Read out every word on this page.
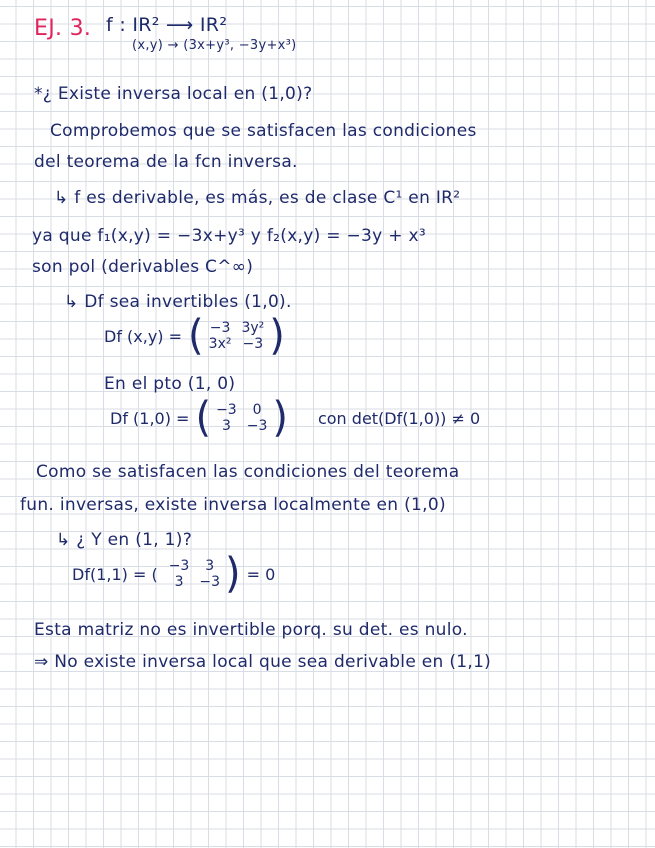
EJ. 3. f : IR² ⟶ IR²
(x,y) → (3x+y³, −3y+x³)
*¿ Existe inversa local en (1,0)?
Comprobemos que se satisfacen las condiciones
del teorema de la fcn inversa.
↳ f es derivable, es más, es de clase C¹ en IR²
ya que f₁(x,y) = −3x+y³ y f₂(x,y) = −3y + x³
son pol (derivables C^∞)
↳ Df sea invertibles (1,0).
Df (x,y) = ( −3	3y²
3x²	−3 )
En el pto (1, 0)
Df (1,0) = ( −3	0
3	−3 ) con det(Df(1,0)) ≠ 0
Como se satisfacen las condiciones del teorema
fun. inversas, existe inversa localmente en (1,0)
↳ ¿ Y en (1, 1)?
Df(1,1) = ( −3	3
3	−3 ) = 0
Esta matriz no es invertible porq. su det. es nulo.
⇒ No existe inversa local que sea derivable en (1,1)
